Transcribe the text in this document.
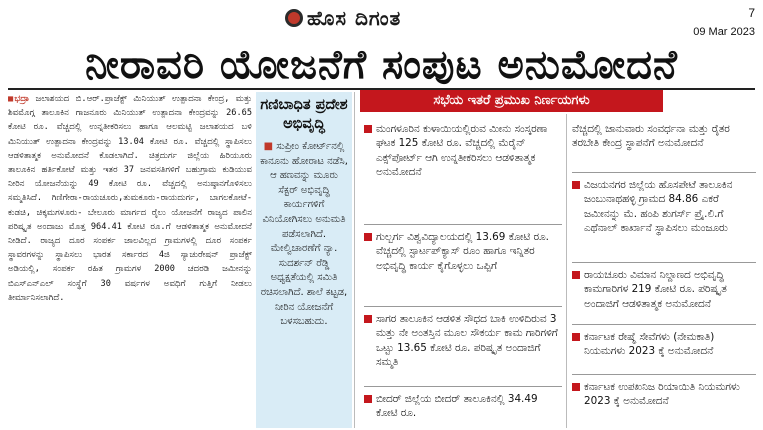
ಹೊಸ ದಿಗಂತ	7
09 Mar 2023
ನೀರಾವರಿ ಯೋಜನೆಗೆ ಸಂಪುಟ ಅನುಮೋದನೆ

■ಭದ್ರಾ ಜಲಾಶಯದ ಬಿ.ಆರ್.ಪ್ರಾಜೆಕ್ಟ್ ಮಿನಿಯುತ್ ಉತ್ಪಾದನಾ ಕೇಂದ್ರ, ಮತ್ತು ಶಿವಮೊಗ್ಗ ತಾಲೂಕಿನ ಗಾಜನೂರು ಮಿನಿಯುತ್ ಉತ್ಪಾದನಾ ಕೇಂದ್ರವನ್ನು 26.65 ಕೋಟಿ ರೂ. ವೆಚ್ಚದಲ್ಲಿ ಉನ್ನತೀಕರಿಸಲು ಹಾಗೂ ಆಲಮಟ್ಟಿ ಜಲಾಶಯದ ಬಳಿ ಮಿನಿಯುತ್ ಉತ್ಪಾದನಾ ಕೇಂದ್ರವನ್ನು 13.04 ಕೋಟಿ ರೂ. ವೆಚ್ಚದಲ್ಲಿ ಸ್ಥಾಪಿಸಲು ಆಡಳಿತಾತ್ಮಕ ಅನುಮೋದನೆ ಕೊಡಲಾಗಿದೆ. ಚಿತ್ರದುರ್ಗ ಜಿಲ್ಲೆಯ ಹಿರಿಯೂರು ತಾಲೂಕಿನ ಹರ್ತಿಕೋಟೆ ಮತ್ತು ಇತರ 37 ಜನವಸತಿಗಳಿಗೆ ಬಹುಗ್ರಾಮ ಕುಡಿಯುವ ನೀರಿನ ಯೋಜನೆಯನ್ನು 49 ಕೋಟಿ ರೂ. ವೆಚ್ಚದಲ್ಲಿ ಅನುಷ್ಠಾನಗೊಳಿಸಲು ಸಮ್ಮತಿಸಿದೆ. ಗಿಣಿಗೇರಾ-ರಾಯಚೂರು,ತುಮಕೂರು-ರಾಯದುರ್ಗ, ಬಾಗಲಕೋಟೆ-ಕುಡಚಿ, ಚಿಕ್ಕಮಗಳೂರು- ಬೇಲೂರು ಮಾರ್ಗದ ರೈಲು ಯೋಜನೆಗೆ ರಾಜ್ಯದ ಪಾಲಿನ ಪರಿಷ್ಕೃತ ಅಂದಾಜು ಮೊತ್ತ 964.41 ಕೋಟಿ ರೂ.ಗೆ ಆಡಳಿತಾತ್ಮಕ ಅನುಮೋದನೆ ನೀಡಿದೆ. ರಾಜ್ಯದ ದೂರ ಸಂಪರ್ಕ ಜಾಲವಿಲ್ಲದ ಗ್ರಾಮಗಳಲ್ಲಿ ದೂರ ಸಂಪರ್ಕ ಸ್ಥಾವರಗಳನ್ನು ಸ್ಥಾಪಿಸಲು ಭಾರತ ಸರ್ಕಾರದ 4ಜಿ ಸ್ಯಾಚುರೇಷನ್ ಪ್ರಾಜೆಕ್ಟ್ ಅಡಿಯಲ್ಲಿ, ಸಂಪರ್ಕ ರಹಿತ ಗ್ರಾಮಗಳ 2000 ಚದರಡಿ ಜಮೀನನ್ನು ಬಿಎಸ್‌ಎನ್‌ಎಲ್ ಸಂಸ್ಥೆಗೆ 30 ವರ್ಷಗಳ ಅವಧಿಗೆ ಗುತ್ತಿಗೆ ನೀಡಲು ತೀರ್ಮಾನಿಸಲಾಗಿದೆ.

ಗಣಿಬಾಧಿತ ಪ್ರದೇಶ ಅಭಿವೃದ್ಧಿ
■ ಸುಪ್ರೀಂ ಕೋರ್ಟ್‌ನಲ್ಲಿ ಕಾನೂನು ಹೋರಾಟ ನಡೆಸಿ, ಆ ಹಣವನ್ನು ಮೂರು ಸೆಕ್ಟರ್ ಅಭಿವೃದ್ಧಿ ಕಾರ್ಯಗಳಿಗೆ ವಿನಿಯೋಗಿಸಲು ಅನುಮತಿ ಪಡೆಸಲಾಗಿದೆ. ಮೇಲ್ವಿಚಾರಣೆಗೆ ನ್ಯಾ. ಸುದರ್ಶನ್ ರೆಡ್ಡಿ ಅಧ್ಯಕ್ಷತೆಯಲ್ಲಿ ಸಮಿತಿ ರಚಿಸಲಾಗಿದೆ. ಶಾಲೆ ಕಟ್ಟಡ, ನೀರಿನ ಯೋಜನೆಗೆ ಬಳಸಬಹುದು.
ಸಭೆಯ ಇತರೆ ಪ್ರಮುಖ ನಿರ್ಣಯಗಳು
ಮಂಗಳೂರಿನ ಕುಳಾಯಿಯಲ್ಲಿರುವ ಮೀನು ಸಂಸ್ಕರಣಾ ಘಟಕ 125 ಕೋಟಿ ರೂ. ವೆಚ್ಚದಲ್ಲಿ ಮೆರೈನ್ ಎಕ್ಸ್‌ಪೋರ್ಟ್ ಆಗಿ ಉನ್ನತೀಕರಿಸಲು ಆಡಳಿತಾತ್ಮಕ ಅನುಮೋದನೆ
ಗುಲ್ಬರ್ಗ ವಿಶ್ವವಿದ್ಯಾಲಯದಲ್ಲಿ 13.69 ಕೋಟಿ ರೂ. ವೆಚ್ಚದಲ್ಲಿ ಸ್ಟಾರ್ಟಪ್‌ಕ್ಯಾಸ್ ರೂಂ ಹಾಗೂ ಇನ್ನಿತರ ಅಭಿವೃದ್ಧಿ ಕಾರ್ಯ ಕೈಗೊಳ್ಳಲು ಒಪ್ಪಿಗೆ
ಸಾಗರ ತಾಲೂಕಿನ ಆಡಳಿತ ಸೌಧದ ಬಾಕಿ ಉಳಿದಿರುವ 3 ಮತ್ತು ನೇ ಅಂತಸ್ತಿನ ಮೂಲ ಸೌಕರ್ಯ ಕಾಮ ಗಾರಿಗಳಿಗೆ ಒಟ್ಟು 13.65 ಕೋಟಿ ರೂ. ಪರಿಷ್ಕೃತ ಅಂದಾಜಿಗೆ ಸಮ್ಮತಿ
ಬೀದರ್ ಜಿಲ್ಲೆಯ ಬೀದರ್ ತಾಲೂಕಿನಲ್ಲಿ 34.49 ಕೋಟಿ ರೂ.
ವೆಚ್ಚದಲ್ಲಿ ಜಾನುವಾರು ಸಂವರ್ಧನಾ ಮತ್ತು ರೈತರ ತರಬೇತಿ ಕೇಂದ್ರ ಸ್ಥಾಪನೆಗೆ ಅನುಮೋದನೆ
ವಿಜಯನಗರ ಜಿಲ್ಲೆಯ ಹೊಸಪೇಟೆ ತಾಲೂಕಿನ ಜಂಬುನಾಥಹಳ್ಳಿ ಗ್ರಾಮದ 84.86 ಎಕರೆ ಜಮೀನನ್ನು ಮೆ. ಹಂಪಿ ಶುಗರ್ಸ್ ಪ್ರೈ.ಲಿ.ಗೆ ಎಥೆನಾಲ್ ಕಾರ್ಖಾನೆ ಸ್ಥಾಪಿಸಲು ಮಂಜೂರು
ರಾಯಚೂರು ವಿಮಾನ ನಿಲ್ದಾಣದ ಅಭಿವೃದ್ಧಿ ಕಾಮಗಾರಿಗಳ 219 ಕೋಟಿ ರೂ. ಪರಿಷ್ಕೃತ ಅಂದಾಜಿಗೆ ಆಡಳಿತಾತ್ಮಕ ಅನುಮೋದನೆ
ಕರ್ನಾಟಕ ರೇಷ್ಮೆ ಸೇವೆಗಳು (ನೇಮಕಾತಿ) ನಿಯಮಗಳು 2023 ಕ್ಕೆ ಅನುಮೋದನೆ
ಕರ್ನಾಟಕ ಉಪಖನಿಜ ರಿಯಾಯಿತಿ ನಿಯಮಗಳು 2023 ಕ್ಕೆ ಅನುಮೋದನೆ
